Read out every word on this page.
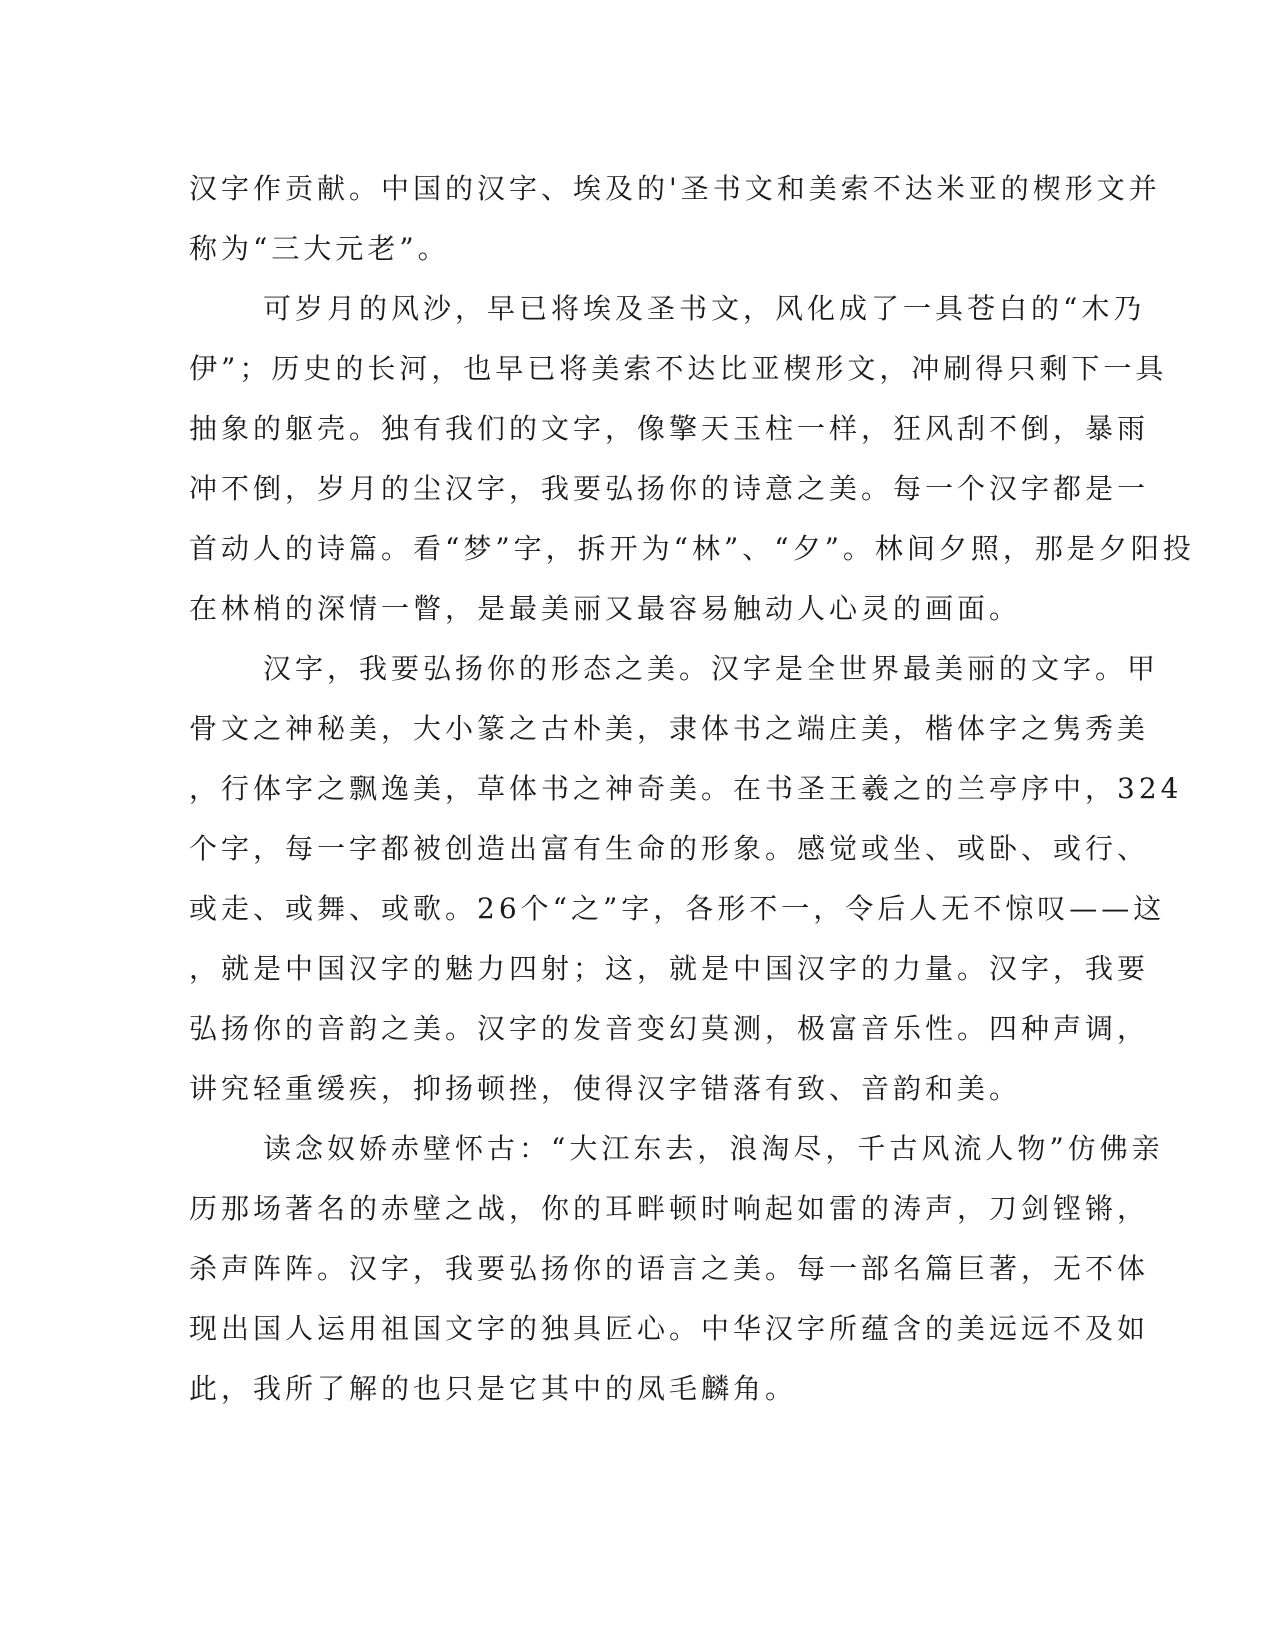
汉字作贡献。中国的汉字、埃及的'圣书文和美索不达米亚的楔形文并
称为“三大元老”。
可岁月的风沙，早已将埃及圣书文，风化成了一具苍白的“木乃
伊”；历史的长河，也早已将美索不达比亚楔形文，冲刷得只剩下一具
抽象的躯壳。独有我们的文字，像擎天玉柱一样，狂风刮不倒，暴雨
冲不倒，岁月的尘汉字，我要弘扬你的诗意之美。每一个汉字都是一
首动人的诗篇。看“梦”字，拆开为“林”、“夕”。林间夕照，那是夕阳投
在林梢的深情一瞥，是最美丽又最容易触动人心灵的画面。
汉字，我要弘扬你的形态之美。汉字是全世界最美丽的文字。甲
骨文之神秘美，大小篆之古朴美，隶体书之端庄美，楷体字之隽秀美
，行体字之飘逸美，草体书之神奇美。在书圣王羲之的兰亭序中，324
个字，每一字都被创造出富有生命的形象。感觉或坐、或卧、或行、
或走、或舞、或歌。26个“之”字，各形不一，令后人无不惊叹——这
，就是中国汉字的魅力四射；这，就是中国汉字的力量。汉字，我要
弘扬你的音韵之美。汉字的发音变幻莫测，极富音乐性。四种声调，
讲究轻重缓疾，抑扬顿挫，使得汉字错落有致、音韵和美。
读念奴娇赤壁怀古：“大江东去，浪淘尽，千古风流人物”仿佛亲
历那场著名的赤壁之战，你的耳畔顿时响起如雷的涛声，刀剑铿锵，
杀声阵阵。汉字，我要弘扬你的语言之美。每一部名篇巨著，无不体
现出国人运用祖国文字的独具匠心。中华汉字所蕴含的美远远不及如
此，我所了解的也只是它其中的凤毛麟角。
